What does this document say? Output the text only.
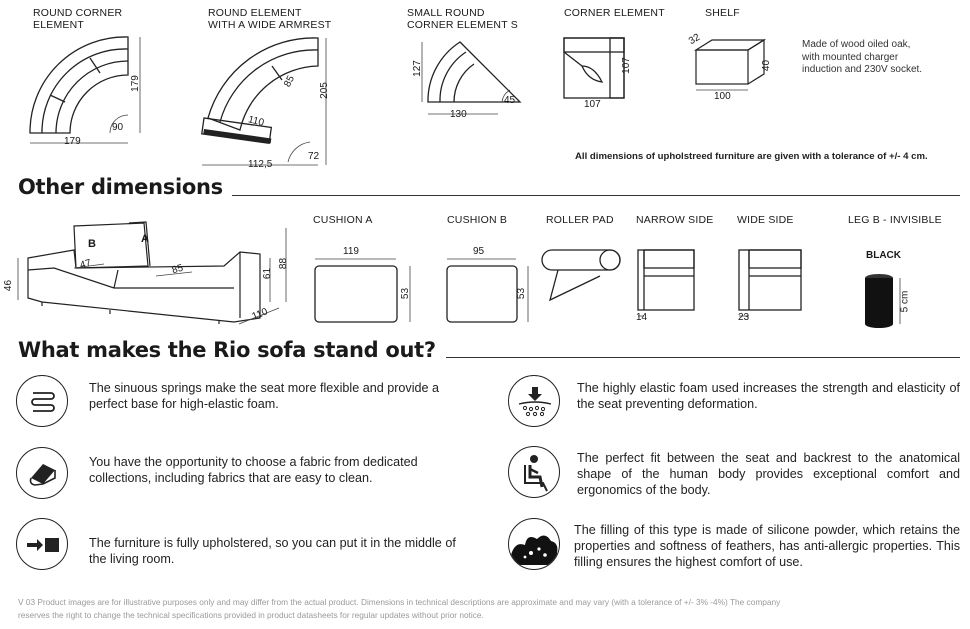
ROUND CORNER
ELEMENT
ROUND ELEMENT
WITH A WIDE ARMREST
SMALL ROUND
CORNER ELEMENT S
CORNER ELEMENT	SHELF
179
179
90	110
85
205
112,5
72
127
130
45	107
107
32
40
100
Made of wood oiled oak,
with mounted charger
induction and 230V socket.
All dimensions of upholstreed furniture are given with a tolerance of +/- 4 cm.
Other dimensions
B	A
46
47	85	61
88
110
CUSHION A
119
53
CUSHION B
95
53
ROLLER PAD NARROW SIDE
14
WIDE SIDE
23
LEG B - INVISIBLE
BLACK
5 cm
What makes the Rio sofa stand out?
The sinuous springs make the seat more flexible and provide a perfect base for high-elastic foam.
You have the opportunity to choose a fabric from dedicated collections, including fabrics that are easy to clean.
The furniture is fully upholstered, so you can put it in the middle of the living room.
The highly elastic foam used increases the strength and elasticity of the seat preventing deformation.
The perfect fit between the seat and backrest to the anatomical shape of the human body provides exceptional comfort and ergonomics of the body.
The filling of this type is made of silicone powder, which retains the properties and softness of feathers, has anti-allergic properties. This filling ensures the highest comfort of use.
V 03 Product images are for illustrative purposes only and may differ from the actual product. Dimensions in technical descriptions are approximate and may vary (with a tolerance of +/- 3% -4%) The company
reserves the right to change the technical specifications provided in product datasheets for regular updates without prior notice.
